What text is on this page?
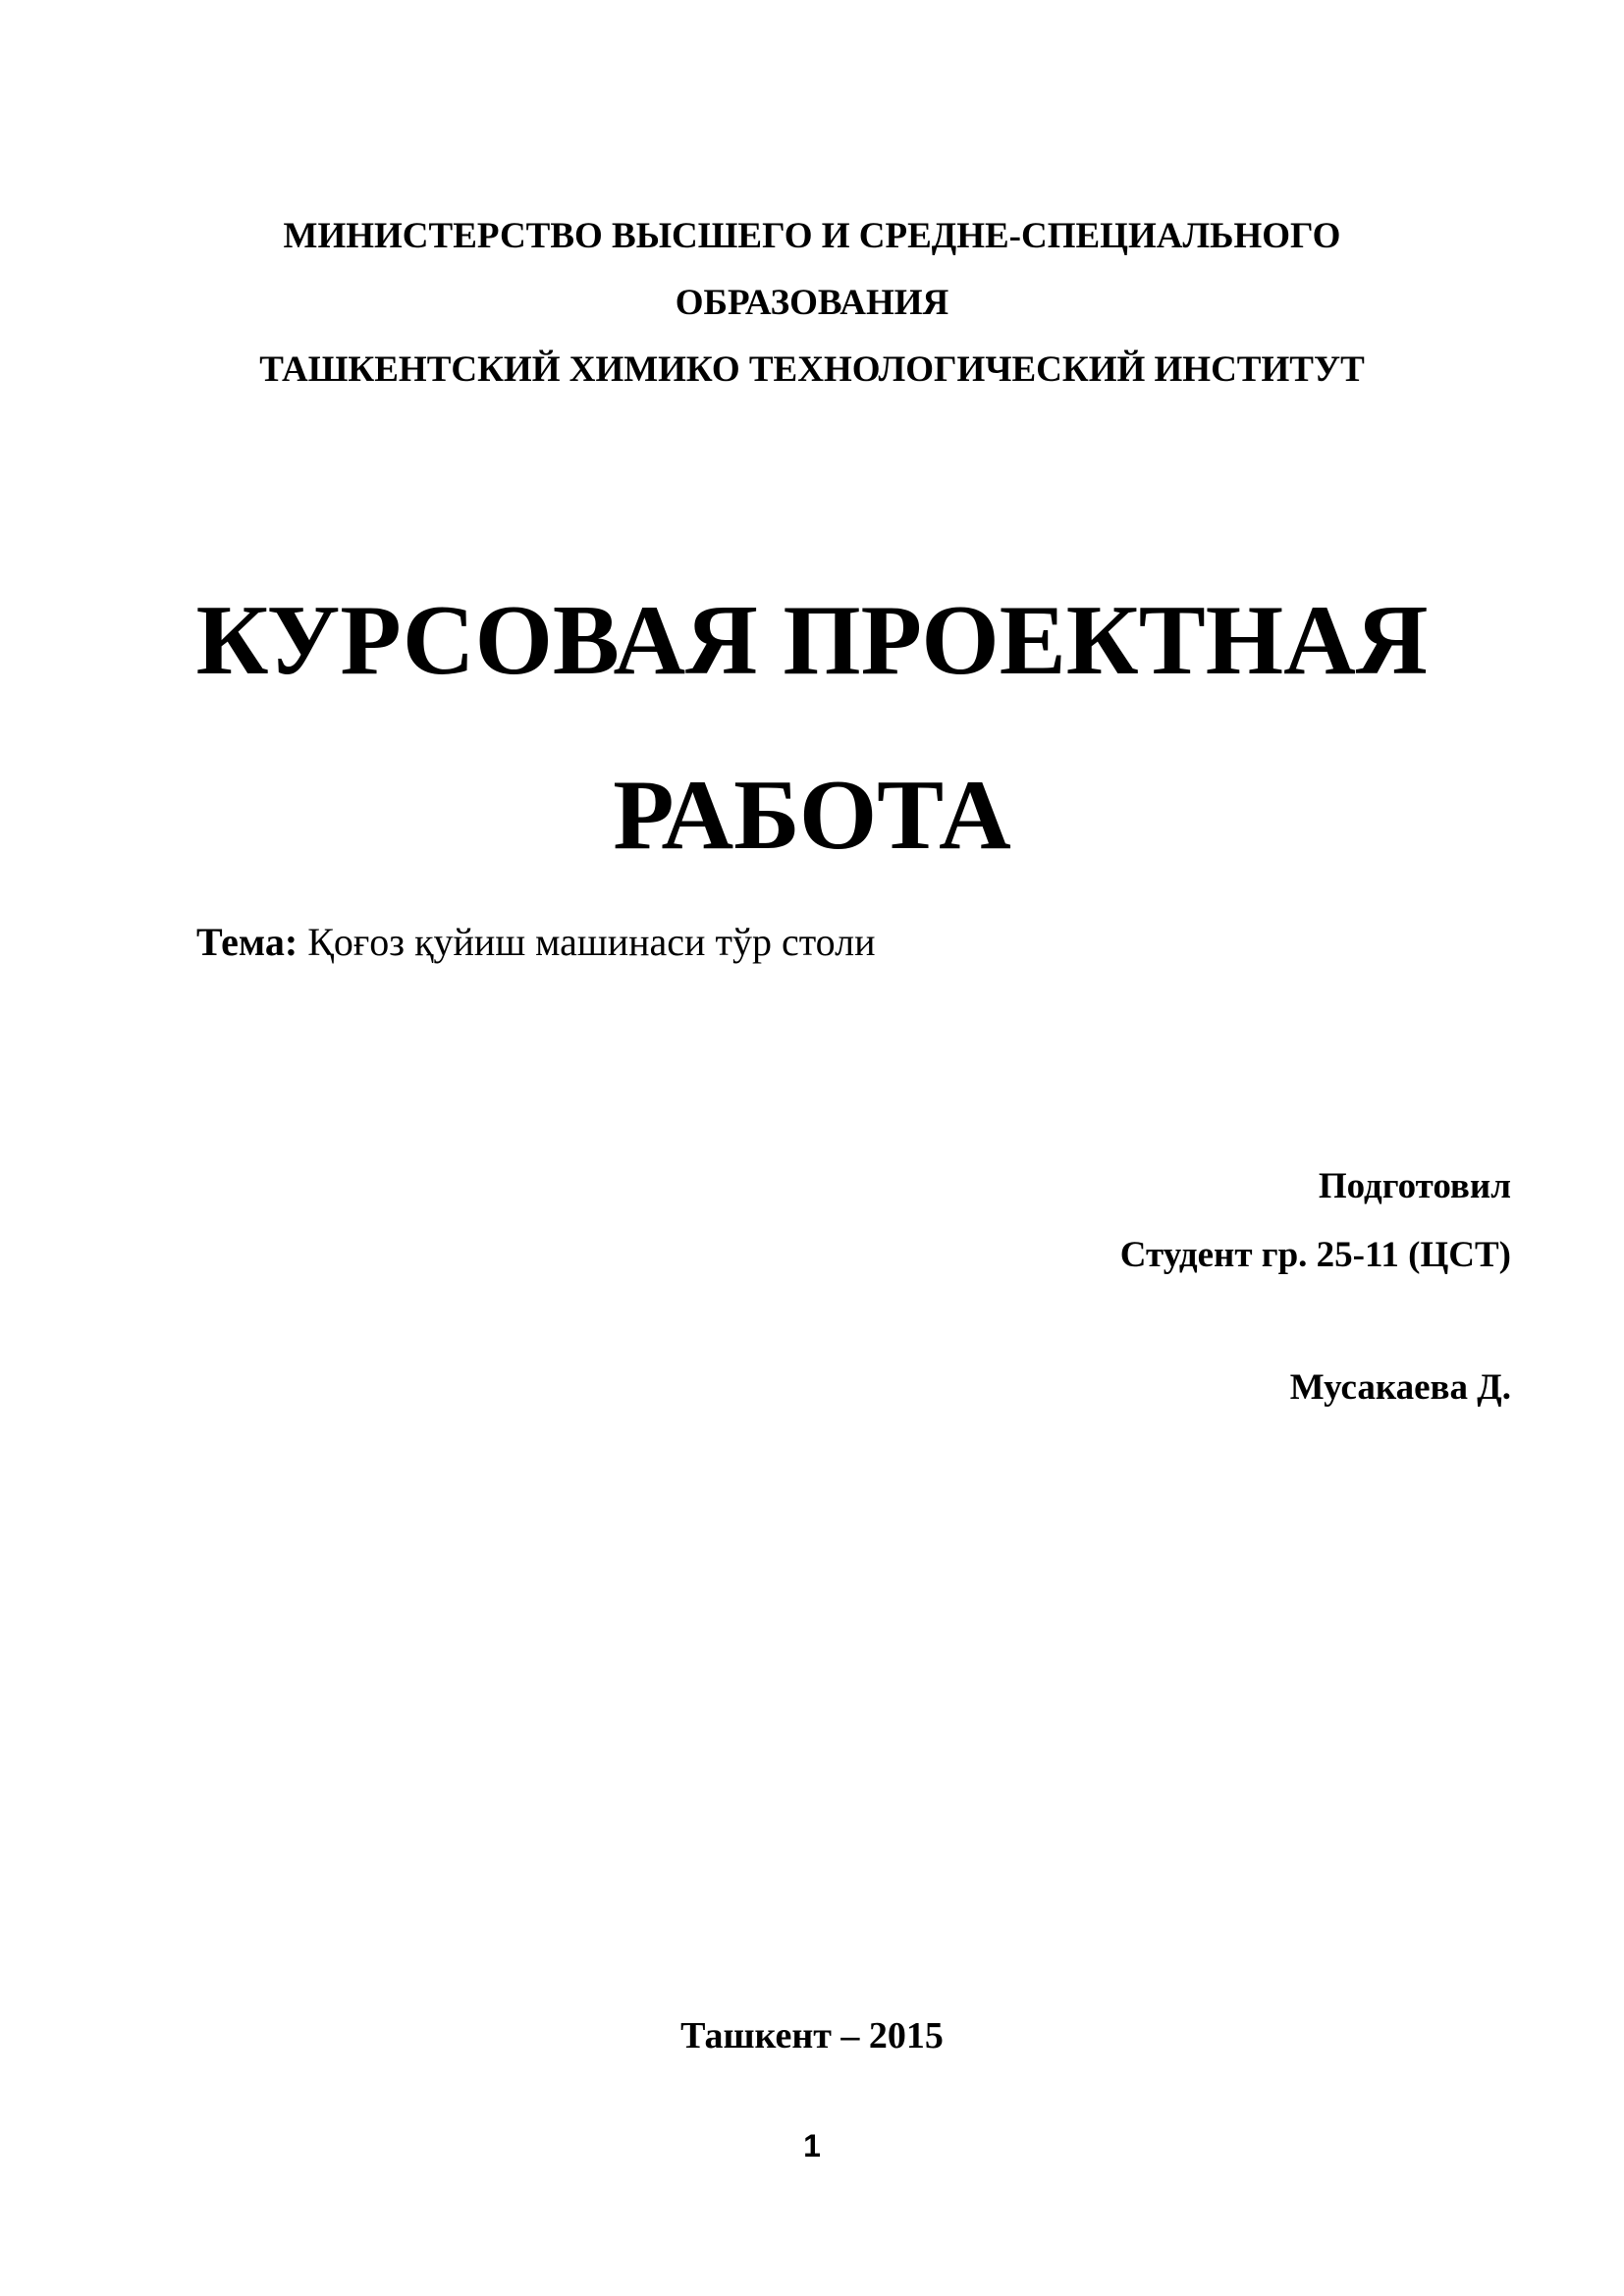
МИНИСТЕРСТВО ВЫСШЕГО И СРЕДНЕ-СПЕЦИАЛЬНОГО
ОБРАЗОВАНИЯ
ТАШКЕНТСКИЙ ХИМИКО ТЕХНОЛОГИЧЕСКИЙ ИНСТИТУТ
КУРСОВАЯ ПРОЕКТНАЯ
РАБОТА
Тема: Қоғоз қуйиш машинаси тўр столи
Подготовил
Студент гр. 25-11 (ЦСТ)
Мусакаева Д.
Ташкент – 2015
1
